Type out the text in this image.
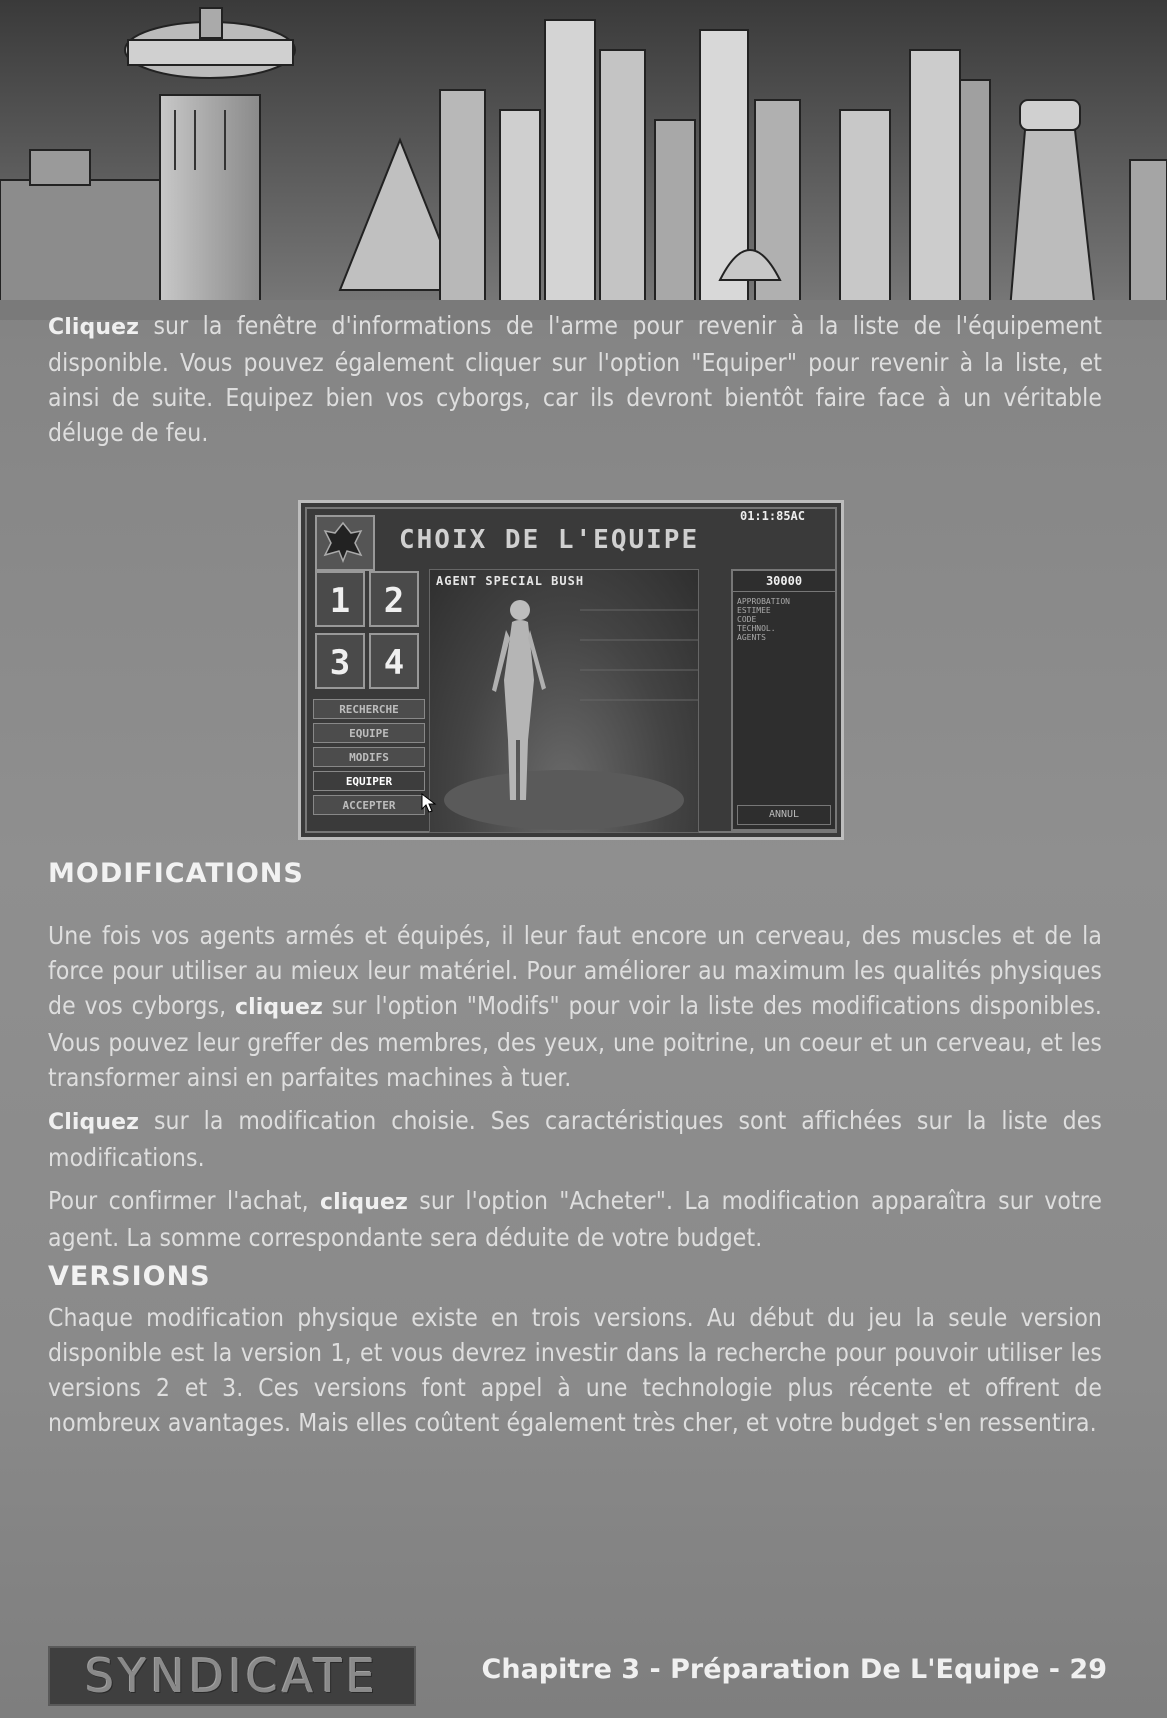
Cliquez sur la fenêtre d'informations de l'arme pour revenir à la liste de l'équipement disponible. Vous pouvez également cliquer sur l'option "Equiper" pour revenir à la liste, et ainsi de suite. Equipez bien vos cyborgs, car ils devront bientôt faire face à un véritable déluge de feu.

CHOIX DE L'EQUIPE
01:1:85AC
1 2
3 4
RECHERCHE
EQUIPE
MODIFS
EQUIPER
ACCEPTER
AGENT SPECIAL BUSH	30000
APPROBATION
ESTIMEE
CODE
TECHNOL.
AGENTS
ANNUL
MODIFICATIONS

Une fois vos agents armés et équipés, il leur faut encore un cerveau, des muscles et de la force pour utiliser au mieux leur matériel. Pour améliorer au maximum les qualités physiques de vos cyborgs, cliquez sur l'option "Modifs" pour voir la liste des modifications disponibles. Vous pouvez leur greffer des membres, des yeux, une poitrine, un coeur et un cerveau, et les transformer ainsi en parfaites machines à tuer.

Cliquez sur la modification choisie. Ses caractéristiques sont affichées sur la liste des modifications.

Pour confirmer l'achat, cliquez sur l'option "Acheter". La modification apparaîtra sur votre agent. La somme correspondante sera déduite de votre budget.

VERSIONS

Chaque modification physique existe en trois versions. Au début du jeu la seule version disponible est la version 1, et vous devrez investir dans la recherche pour pouvoir utiliser les versions 2 et 3. Ces versions font appel à une technologie plus récente et offrent de nombreux avantages. Mais elles coûtent également très cher, et votre budget s'en ressentira.

SYNDICATE	Chapitre 3 - Préparation De L'Equipe - 29
